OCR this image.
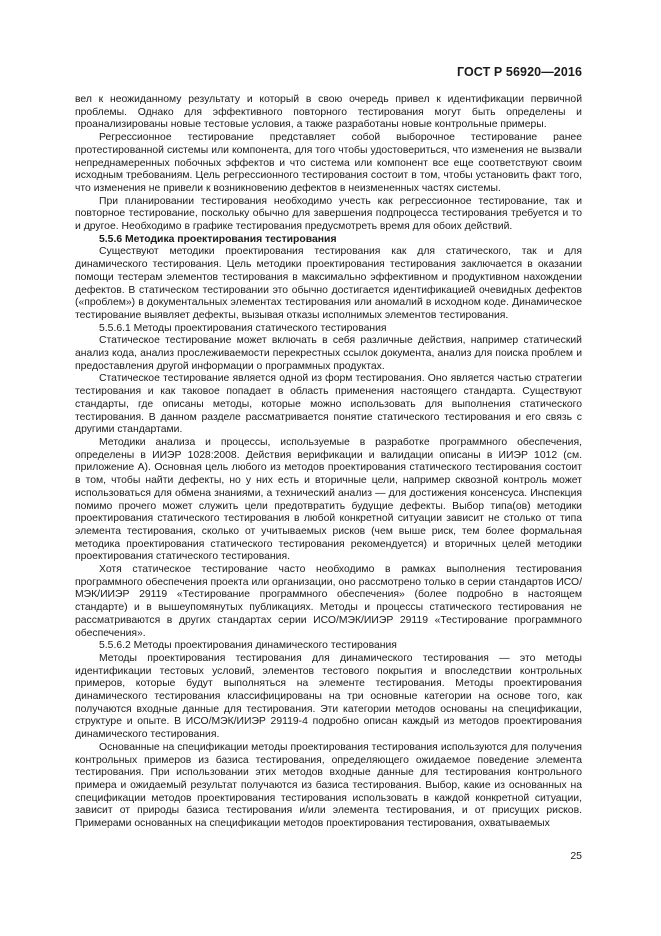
ГОСТ Р 56920—2016

вел к неожиданному результату и который в свою очередь привел к идентификации первичной проблемы. Однако для эффективного повторного тестирования могут быть определены и проанализированы новые тестовые условия, а также разработаны новые контрольные примеры.

Регрессионное тестирование представляет собой выборочное тестирование ранее протестированной системы или компонента, для того чтобы удостовериться, что изменения не вызвали непреднамеренных побочных эффектов и что система или компонент все еще соответствуют своим исходным требованиям. Цель регрессионного тестирования состоит в том, чтобы установить факт того, что изменения не привели к возникновению дефектов в неизмененных частях системы.

При планировании тестирования необходимо учесть как регрессионное тестирование, так и повторное тестирование, поскольку обычно для завершения подпроцесса тестирования требуется и то и другое. Необходимо в графике тестирования предусмотреть время для обоих действий.

5.5.6 Методика проектирования тестирования

Существуют методики проектирования тестирования как для статического, так и для динамического тестирования. Цель методики проектирования тестирования заключается в оказании помощи тестерам элементов тестирования в максимально эффективном и продуктивном нахождении дефектов. В статическом тестировании это обычно достигается идентификацией очевидных дефектов («проблем») в документальных элементах тестирования или аномалий в исходном коде. Динамическое тестирование выявляет дефекты, вызывая отказы исполнимых элементов тестирования.

5.5.6.1 Методы проектирования статического тестирования

Статическое тестирование может включать в себя различные действия, например статический анализ кода, анализ прослеживаемости перекрестных ссылок документа, анализ для поиска проблем и предоставления другой информации о программных продуктах.

Статическое тестирование является одной из форм тестирования. Оно является частью стратегии тестирования и как таковое попадает в область применения настоящего стандарта. Существуют стандарты, где описаны методы, которые можно использовать для выполнения статического тестирования. В данном разделе рассматривается понятие статического тестирования и его связь с другими стандартами.

Методики анализа и процессы, используемые в разработке программного обеспечения, определены в ИИЭР 1028:2008. Действия верификации и валидации описаны в ИИЭР 1012 (см. приложение А). Основная цель любого из методов проектирования статического тестирования состоит в том, чтобы найти дефекты, но у них есть и вторичные цели, например сквозной контроль может использоваться для обмена знаниями, а технический анализ — для достижения консенсуса. Инспекция помимо прочего может служить цели предотвратить будущие дефекты. Выбор типа(ов) методики проектирования статического тестирования в любой конкретной ситуации зависит не столько от типа элемента тестирования, сколько от учитываемых рисков (чем выше риск, тем более формальная методика проектирования статического тестирования рекомендуется) и вторичных целей методики проектирования статического тестирования.

Хотя статическое тестирование часто необходимо в рамках выполнения тестирования программного обеспечения проекта или организации, оно рассмотрено только в серии стандартов ИСО/МЭК/ИИЭР 29119 «Тестирование программного обеспечения» (более подробно в настоящем стандарте) и в вышеупомянутых публикациях. Методы и процессы статического тестирования не рассматриваются в других стандартах серии ИСО/МЭК/ИИЭР 29119 «Тестирование программного обеспечения».

5.5.6.2 Методы проектирования динамического тестирования

Методы проектирования тестирования для динамического тестирования — это методы идентификации тестовых условий, элементов тестового покрытия и впоследствии контрольных примеров, которые будут выполняться на элементе тестирования. Методы проектирования динамического тестирования классифицированы на три основные категории на основе того, как получаются входные данные для тестирования. Эти категории методов основаны на спецификации, структуре и опыте. В ИСО/МЭК/ИИЭР 29119-4 подробно описан каждый из методов проектирования динамического тестирования.

Основанные на спецификации методы проектирования тестирования используются для получения контрольных примеров из базиса тестирования, определяющего ожидаемое поведение элемента тестирования. При использовании этих методов входные данные для тестирования контрольного примера и ожидаемый результат получаются из базиса тестирования. Выбор, какие из основанных на спецификации методов проектирования тестирования использовать в каждой конкретной ситуации, зависит от природы базиса тестирования и/или элемента тестирования, и от присущих рисков. Примерами основанных на спецификации методов проектирования тестирования, охватываемых

25
